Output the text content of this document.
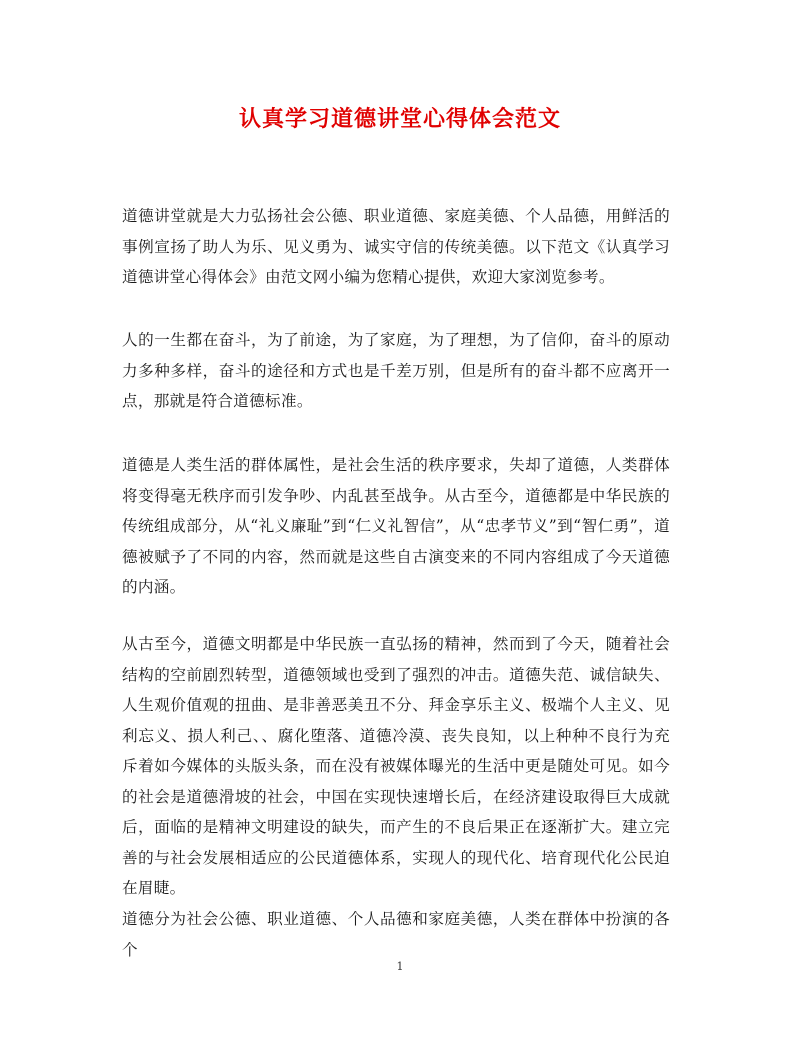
认真学习道德讲堂心得体会范文
道德讲堂就是大力弘扬社会公德、职业道德、家庭美德、个人品德，用鲜活的事例宣扬了助人为乐、见义勇为、诚实守信的传统美德。以下范文《认真学习道德讲堂心得体会》由范文网小编为您精心提供，欢迎大家浏览参考。
人的一生都在奋斗，为了前途，为了家庭，为了理想，为了信仰，奋斗的原动力多种多样，奋斗的途径和方式也是千差万别，但是所有的奋斗都不应离开一点，那就是符合道德标准。
道德是人类生活的群体属性，是社会生活的秩序要求，失却了道德，人类群体将变得毫无秩序而引发争吵、内乱甚至战争。从古至今，道德都是中华民族的传统组成部分，从“礼义廉耻”到“仁义礼智信”，从“忠孝节义”到“智仁勇”，道德被赋予了不同的内容，然而就是这些自古演变来的不同内容组成了今天道德的内涵。
从古至今，道德文明都是中华民族一直弘扬的精神，然而到了今天，随着社会结构的空前剧烈转型，道德领域也受到了强烈的冲击。道德失范、诚信缺失、人生观价值观的扭曲、是非善恶美丑不分、拜金享乐主义、极端个人主义、见利忘义、损人利己、、腐化堕落、道德冷漠、丧失良知，以上种种不良行为充斥着如今媒体的头版头条，而在没有被媒体曝光的生活中更是随处可见。如今的社会是道德滑坡的社会，中国在实现快速增长后，在经济建设取得巨大成就后，面临的是精神文明建设的缺失，而产生的不良后果正在逐渐扩大。建立完善的与社会发展相适应的公民道德体系，实现人的现代化、培育现代化公民迫在眉睫。
道德分为社会公德、职业道德、个人品德和家庭美德，人类在群体中扮演的各个
1
